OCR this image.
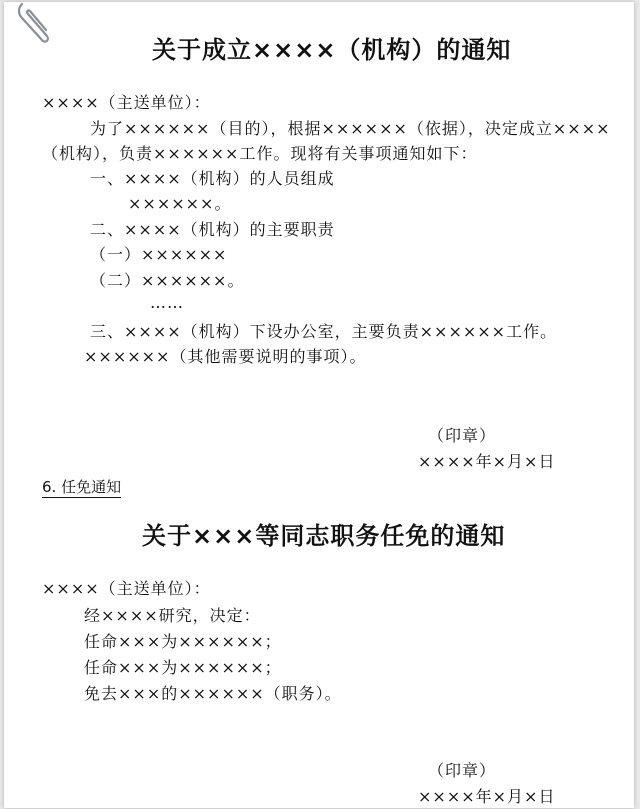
关于成立××××（机构）的通知
××××（主送单位）：
为了××××××（目的），根据××××××（依据），决定成立××××
（机构），负责××××××工作。现将有关事项通知如下：
一、××××（机构）的人员组成
××××××。
二、××××（机构）的主要职责
（一）××××××
（二）××××××。
……
三、××××（机构）下设办公室，主要负责××××××工作。
××××××（其他需要说明的事项）。
（印章）
××××年×月×日
6. 任免通知
关于×××等同志职务任免的通知
××××（主送单位）：
经××××研究，决定：
任命×××为××××××；
任命×××为××××××；
免去×××的××××××（职务）。
（印章）
××××年×月×日
